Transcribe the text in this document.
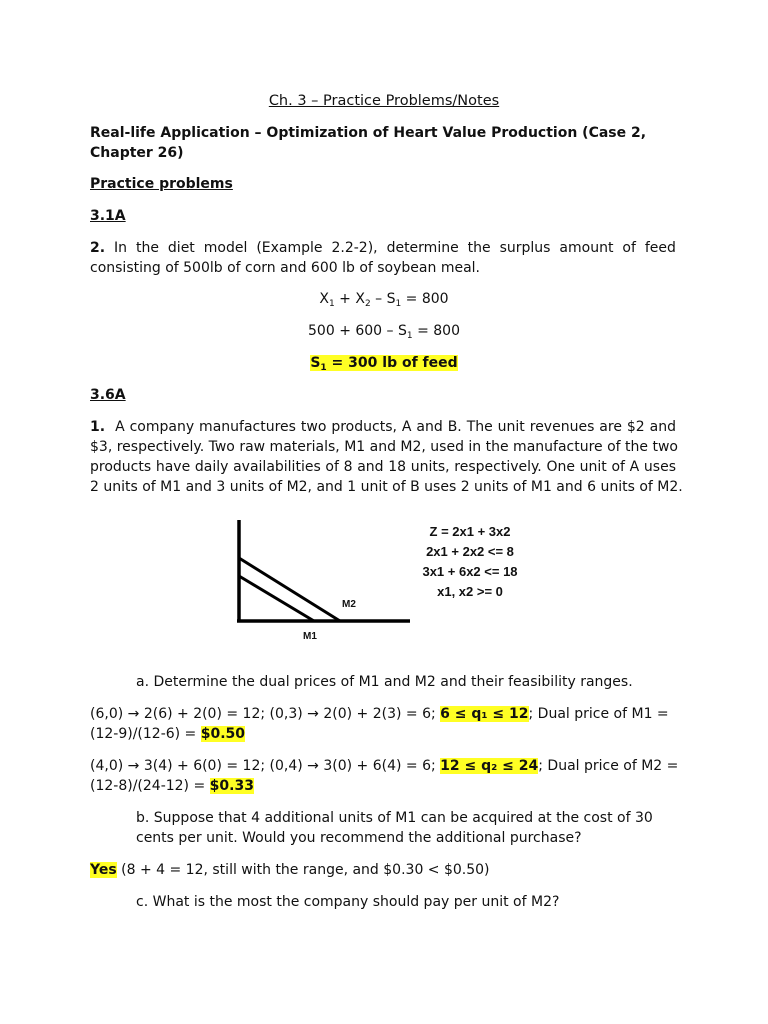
Ch. 3 – Practice Problems/Notes
Real-life Application – Optimization of Heart Value Production (Case 2,
Chapter 26)
Practice problems
3.1A
2. In the diet model (Example 2.2-2), determine the surplus amount of feed
consisting of 500lb of corn and 600 lb of soybean meal.
$X_1 + X_2 - S_1 = 800$
$500 + 600 - S_1 = 800$
$S_1 = 300$ lb of feed
3.6A
1. A company manufactures two products, A and B. The unit revenues are $2 and
$3, respectively. Two raw materials, M1 and M2, used in the manufacture of the two
products have daily availabilities of 8 and 18 units, respectively. One unit of A uses
2 units of M1 and 3 units of M2, and 1 unit of B uses 2 units of M1 and 6 units of M2.
M2
M1
Z = 2x1 + 3x2
2x1 + 2x2 <= 8
3x1 + 6x2 <= 18
x1, x2 >= 0
a. Determine the dual prices of M1 and M2 and their feasibility ranges.
(6,0) → 2(6) + 2(0) = 12; (0,3) → 2(0) + 2(3) = 6; 6 ≤ q₁ ≤ 12; Dual price of M1 =
(12-9)/(12-6) = $0.50
(4,0) → 3(4) + 6(0) = 12; (0,4) → 3(0) + 6(4) = 6; 12 ≤ q₂ ≤ 24; Dual price of M2 =
(12-8)/(24-12) = $0.33
b. Suppose that 4 additional units of M1 can be acquired at the cost of 30
cents per unit. Would you recommend the additional purchase?
Yes (8 + 4 = 12, still with the range, and $0.30 < $0.50)
c. What is the most the company should pay per unit of M2?
